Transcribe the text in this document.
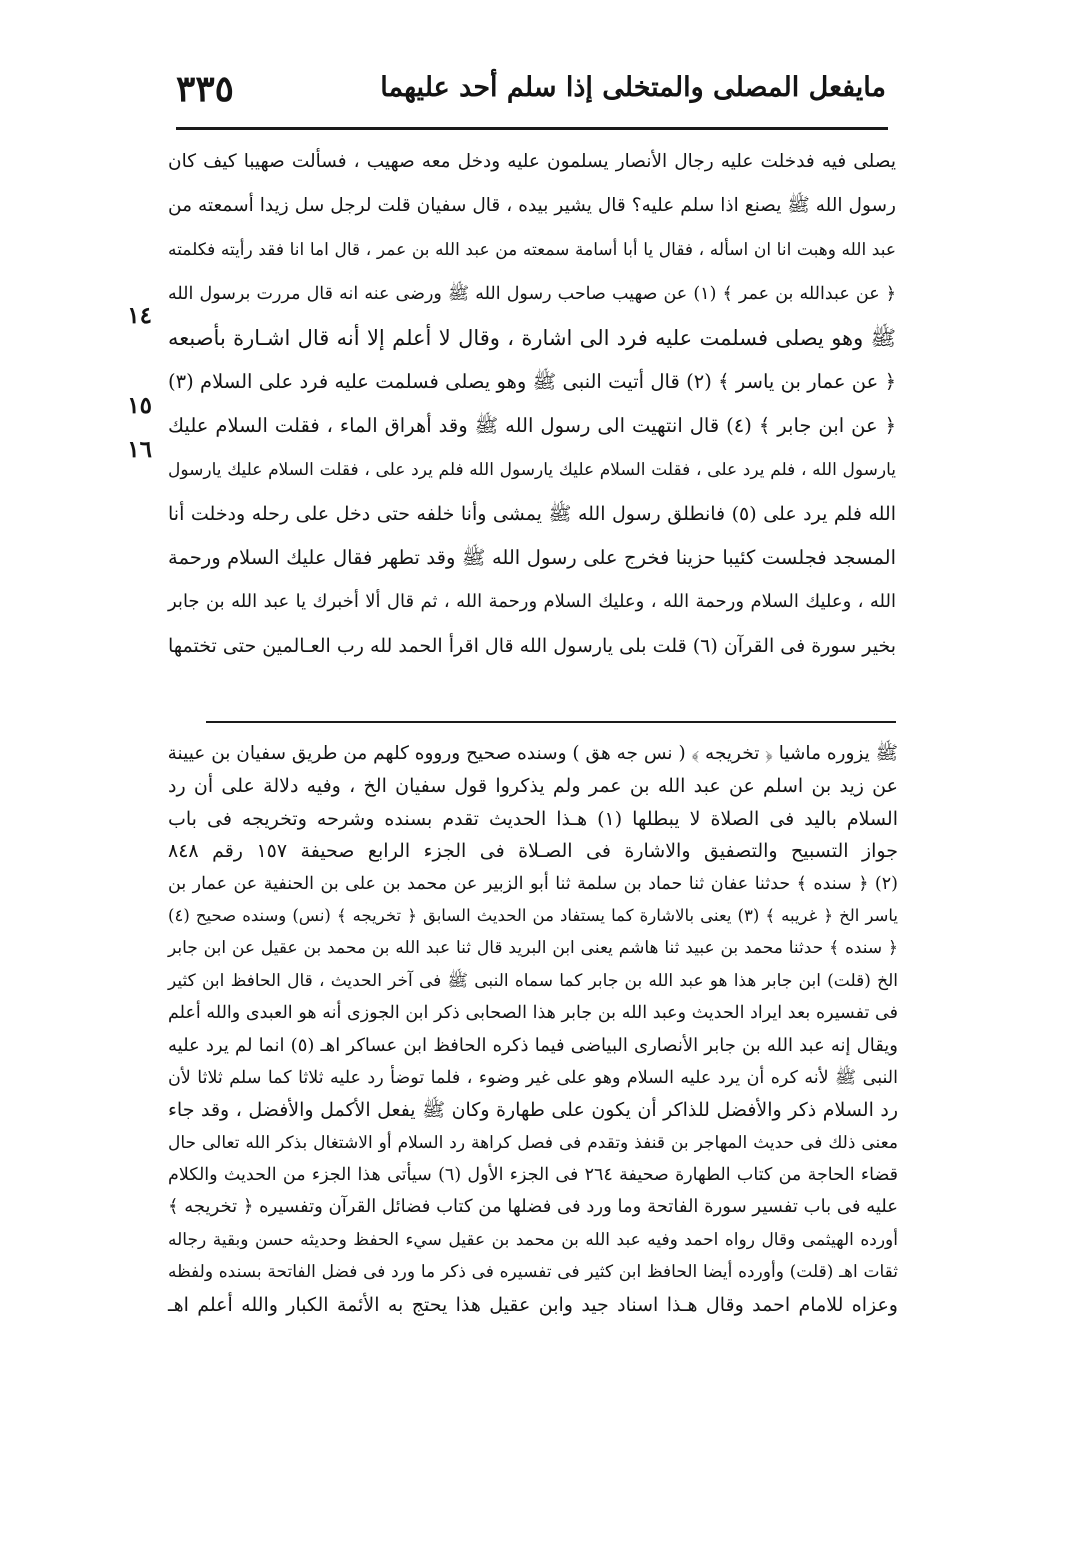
مايفعل المصلى والمتخلى إذا سلم أحد عليهما
٣٣٥
يصلى فيه فدخلت عليه رجال الأنصار يسلمون عليه ودخل معه صهيب ، فسألت صهيبا كيف كان
رسول الله ﷺ يصنع اذا سلم عليه؟ قال يشير بيده ، قال سفيان قلت لرجل سل زيدا أسمعته من
عبد الله وهبت انا ان اسأله ، فقال يا أبا أسامة سمعته من عبد الله بن عمر ، قال اما انا فقد رأيته فكلمته
﴿ عن عبدالله بن عمر ﴾ (١) عن صهيب صاحب رسول الله ﷺ ورضى عنه انه قال مررت برسول الله
ﷺ وهو يصلى فسلمت عليه فرد الى اشارة ، وقال لا أعلم إلا أنه قال اشـارة بأصبعه
﴿ عن عمار بن ياسر ﴾ (٢) قال أتيت النبى ﷺ وهو يصلى فسلمت عليه فرد على السلام (٣)
﴿ عن ابن جابر ﴾ (٤) قال انتهيت الى رسول الله ﷺ وقد أهراق الماء ، فقلت السلام عليك
يارسول الله ، فلم يرد على ، فقلت السلام عليك يارسول الله فلم يرد على ، فقلت السلام عليك يارسول
الله فلم يرد على (٥) فانطلق رسول الله ﷺ يمشى وأنا خلفه حتى دخل على رحله ودخلت أنا
المسجد فجلست كئيبا حزينا فخرج على رسول الله ﷺ وقد تطهر فقال عليك السلام ورحمة
الله ، وعليك السلام ورحمة الله ، وعليك السلام ورحمة الله ، ثم قال ألا أخبرك يا عبد الله بن جابر
بخير سورة فى القرآن (٦) قلت بلى يارسول الله قال اقرأ الحمد لله رب العـالمين حتى تختمها
١٤
١٥
١٦
ﷺ يزوره ماشيا ﴿ تخريجه ﴾ ( نس جه هق ) وسنده صحيح ورووه كلهم من طريق سفيان بن عيينة
عن زيد بن اسلم عن عبد الله بن عمر ولم يذكروا قول سفيان الخ ، وفيه دلالة على أن رد
السلام باليد فى الصلاة لا يبطلها (١) هـذا الحديث تقدم بسنده وشرحه وتخريجه فى باب
جواز التسبيح والتصفيق والاشارة فى الصـلاة فى الجزء الرابع صحيفة ١٥٧ رقم ٨٤٨
(٢) ﴿ سنده ﴾ حدثنا عفان ثنا حماد بن سلمة ثنا أبو الزبير عن محمد بن على بن الحنفية عن عمار بن
ياسر الخ ﴿ غريبه ﴾ (٣) يعنى بالاشارة كما يستفاد من الحديث السابق ﴿ تخريجه ﴾ (نس) وسنده صحيح (٤)
﴿ سنده ﴾ حدثنا محمد بن عبيد ثنا هاشم يعنى ابن البريد قال ثنا عبد الله بن محمد بن عقيل عن ابن جابر
الخ (قلت) ابن جابر هذا هو عبد الله بن جابر كما سماه النبى ﷺ فى آخر الحديث ، قال الحافظ ابن كثير
فى تفسيره بعد ايراد الحديث وعبد الله بن جابر هذا الصحابى ذكر ابن الجوزى أنه هو العبدى والله أعلم
ويقال إنه عبد الله بن جابر الأنصارى البياضى فيما ذكره الحافظ ابن عساكر اهـ (٥) انما لم يرد عليه
النبى ﷺ لأنه كره أن يرد عليه السلام وهو على غير وضوء ، فلما توضأ رد عليه ثلاثا كما سلم ثلاثا لأن
رد السلام ذكر والأفضل للذاكر أن يكون على طهارة وكان ﷺ يفعل الأكمل والأفضل ، وقد جاء
معنى ذلك فى حديث المهاجر بن قنفذ وتقدم فى فصل كراهة رد السلام أو الاشتغال بذكر الله تعالى حال
قضاء الحاجة من كتاب الطهارة صحيفة ٢٦٤ فى الجزء الأول (٦) سيأتى هذا الجزء من الحديث والكلام
عليه فى باب تفسير سورة الفاتحة وما ورد فى فضلها من كتاب فضائل القرآن وتفسيره ﴿ تخريجه ﴾
أورده الهيثمى وقال رواه احمد وفيه عبد الله بن محمد بن عقيل سيء الحفظ وحديثه حسن وبقية رجاله
ثقات اهـ (قلت) وأورده أيضا الحافظ ابن كثير فى تفسيره فى ذكر ما ورد فى فضل الفاتحة بسنده ولفظه
وعزاه للامام احمد وقال هـذا اسناد جيد وابن عقيل هذا يحتج به الأئمة الكبار والله أعلم اهـ
